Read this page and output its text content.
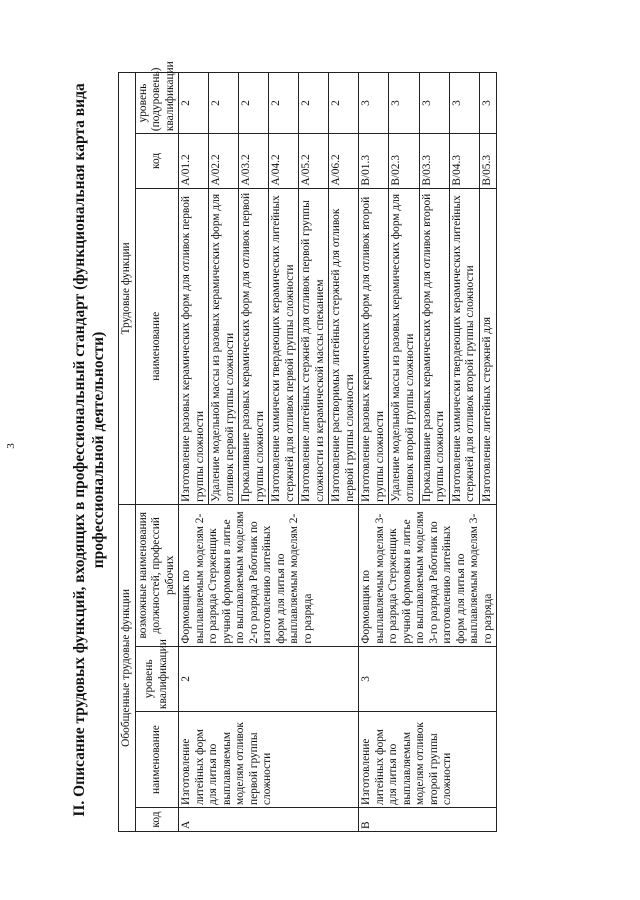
3	II. Описание трудовых функций, входящих в профессиональный стандарт (функциональная карта вида профессиональной деятельности)
Обобщенные трудовые функции				Трудовые функции		
код	наименование	уровень квалификации	возможные наименования должностей, профессий рабочих	наименование	код	уровень (подуровень) квалификации
А	Изготовление литейных форм для литья по выплавляемым моделям отливок первой группы сложности	2	Формовщик по выплавляемым моделям 2-го разряда Стерженщик ручной формовки в литье по выплавляемым моделям 2-го разряда Работник по изготовлению литейных форм для литья по выплавляемым моделям 2-го разряда	Изготовление разовых керамических форм для отливок первой группы сложности	A/01.2	2
				Удаление модельной массы из разовых керамических форм для отливок первой группы сложности	A/02.2	2
				Прокаливание разовых керамических форм для отливок первой группы сложности	A/03.2	2
				Изготовление химически твердеющих керамических литейных стержней для отливок первой группы сложности	A/04.2	2
				Изготовление литейных стержней для отливок первой группы сложности из керамической массы спеканием	A/05.2	2
				Изготовление растворимых литейных стержней для отливок первой группы сложности	A/06.2	2
В	Изготовление литейных форм для литья по выплавляемым моделям отливок второй группы сложности	3	Формовщик по выплавляемым моделям 3-го разряда Стерженщик ручной формовки в литье по выплавляемым моделям 3-го разряда Работник по изготовлению литейных форм для литья по выплавляемым моделям 3-го разряда	Изготовление разовых керамических форм для отливок второй группы сложности	B/01.3	3
				Удаление модельной массы из разовых керамических форм для отливок второй группы сложности	B/02.3	3
				Прокаливание разовых керамических форм для отливок второй группы сложности	B/03.3	3
				Изготовление химически твердеющих керамических литейных стержней для отливок второй группы сложности	B/04.3	3
				Изготовление литейных стержней для	B/05.3	3
